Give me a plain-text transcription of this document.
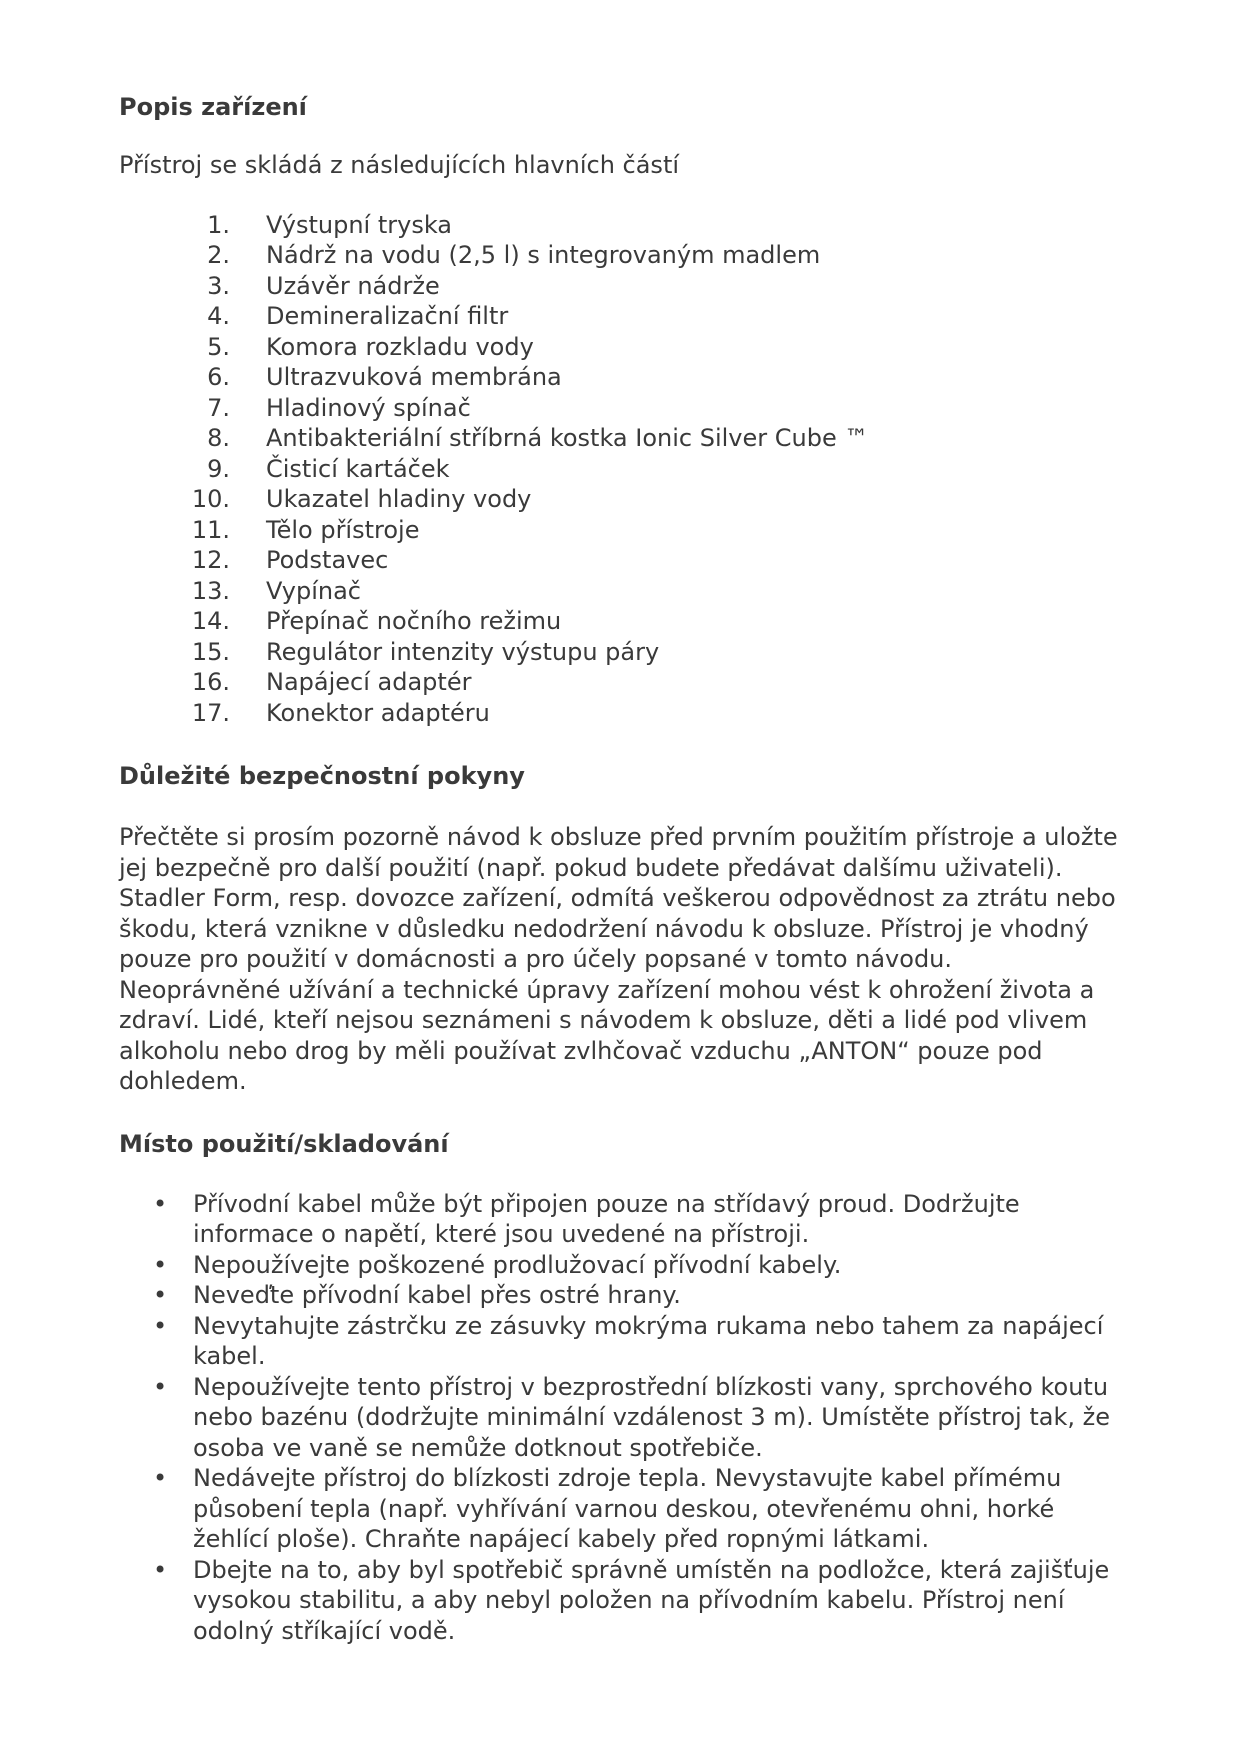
Popis zařízení

Přístroj se skládá z následujících hlavních částí

1. Výstupní tryska
2. Nádrž na vodu (2,5 l) s integrovaným madlem
3. Uzávěr nádrže
4. Demineralizační filtr
5. Komora rozkladu vody
6. Ultrazvuková membrána
7. Hladinový spínač
8. Antibakteriální stříbrná kostka Ionic Silver Cube ™
9. Čisticí kartáček
10. Ukazatel hladiny vody
11. Tělo přístroje
12. Podstavec
13. Vypínač
14. Přepínač nočního režimu
15. Regulátor intenzity výstupu páry
16. Napájecí adaptér
17. Konektor adaptéru
Důležité bezpečnostní pokyny

Přečtěte si prosím pozorně návod k obsluze před prvním použitím přístroje a uložte jej bezpečně pro další použití (např. pokud budete předávat dalšímu uživateli). Stadler Form, resp. dovozce zařízení, odmítá veškerou odpovědnost za ztrátu nebo škodu, která vznikne v důsledku nedodržení návodu k obsluze. Přístroj je vhodný pouze pro použití v domácnosti a pro účely popsané v tomto návodu. Neoprávněné užívání a technické úpravy zařízení mohou vést k ohrožení života a zdraví. Lidé, kteří nejsou seznámeni s návodem k obsluze, děti a lidé pod vlivem alkoholu nebo drog by měli používat zvlhčovač vzduchu „ANTON“ pouze pod dohledem.

Místo použití/skladování
• Přívodní kabel může být připojen pouze na střídavý proud. Dodržujte informace o napětí, které jsou uvedené na přístroji.
• Nepoužívejte poškozené prodlužovací přívodní kabely.
• Neveďte přívodní kabel přes ostré hrany.
• Nevytahujte zástrčku ze zásuvky mokrýma rukama nebo tahem za napájecí kabel.
• Nepoužívejte tento přístroj v bezprostřední blízkosti vany, sprchového koutu nebo bazénu (dodržujte minimální vzdálenost 3 m). Umístěte přístroj tak, že osoba ve vaně se nemůže dotknout spotřebiče.
• Nedávejte přístroj do blízkosti zdroje tepla. Nevystavujte kabel přímému působení tepla (např. vyhřívání varnou deskou, otevřenému ohni, horké žehlící ploše). Chraňte napájecí kabely před ropnými látkami.
• Dbejte na to, aby byl spotřebič správně umístěn na podložce, která zajišťuje vysokou stabilitu, a aby nebyl položen na přívodním kabelu. Přístroj není odolný stříkající vodě.
